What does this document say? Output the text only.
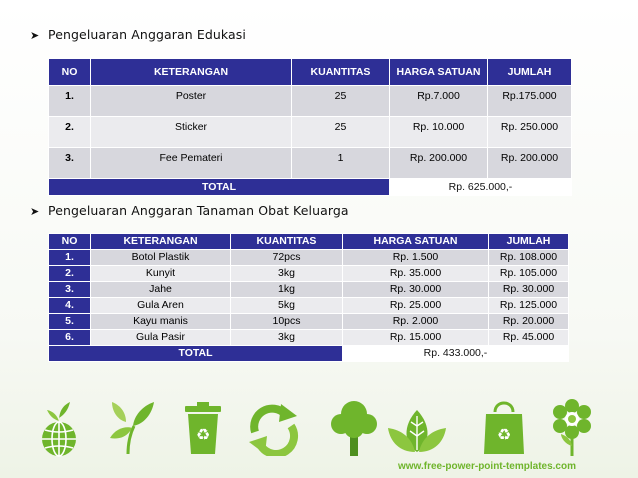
➤ Pengeluaran Anggaran Edukasi
NO	KETERANGAN	KUANTITAS	HARGA SATUAN	JUMLAH
1.	Poster	25	Rp.7.000	Rp.175.000
2.	Sticker	25	Rp. 10.000	Rp. 250.000
3.	Fee Pemateri	1	Rp. 200.000	Rp. 200.000
TOTAL			Rp. 625.000,-	
➤ Pengeluaran Anggaran Tanaman Obat Keluarga
NO	KETERANGAN	KUANTITAS	HARGA SATUAN	JUMLAH
1.	Botol Plastik	72pcs	Rp. 1.500	Rp. 108.000
2.	Kunyit	3kg	Rp. 35.000	Rp. 105.000
3.	Jahe	1kg	Rp. 30.000	Rp. 30.000
4.	Gula Aren	5kg	Rp. 25.000	Rp. 125.000
5.	Kayu manis	10pcs	Rp. 2.000	Rp. 20.000
6.	Gula Pasir	3kg	Rp. 15.000	Rp. 45.000
TOTAL			Rp. 433.000,-	
♻	♻
www.free-power-point-templates.com
